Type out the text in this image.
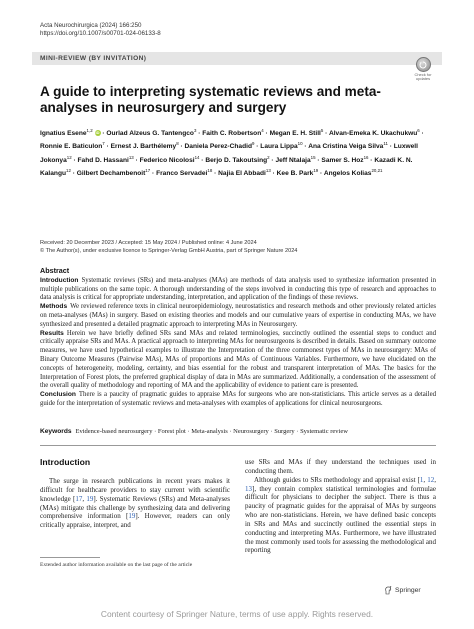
Acta Neurochirurgica (2024) 166:250
https://doi.org/10.1007/s00701-024-06133-8
MINI-REVIEW (BY INVITATION)
Check for updates
A guide to interpreting systematic reviews and meta-analyses in neurosurgery and surgery
Ignatius Esene$^{1,2}$ iD · Ourlad Alzeus G. Tantengco$^3$ · Faith C. Robertson$^4$ · Megan E. H. Still$^5$ · Alvan-Emeka K. Ukachukwu$^6$ · Ronnie E. Baticulon$^7$ · Ernest J. Barthélemy$^8$ · Daniela Perez-Chadid$^9$ · Laura Lippa$^{10}$ · Ana Cristina Veiga Silva$^{11}$ · Luxwell Jokonya$^{12}$ · Fahd D. Hassani$^{13}$ · Federico Nicolosi$^{14}$ · Berjo D. Takoutsing$^2$ · Jeff Ntalaja$^{15}$ · Samer S. Hoz$^{16}$ · Kazadi K. N. Kalangu$^{12}$ · Gilbert Dechambenoit$^{17}$ · Franco Servadei$^{18}$ · Najia El Abbadi$^{13}$ · Kee B. Park$^{19}$ · Angelos Kolias$^{20,21}$
Received: 20 December 2023 / Accepted: 15 May 2024 / Published online: 4 June 2024
© The Author(s), under exclusive licence to Springer-Verlag GmbH Austria, part of Springer Nature 2024
Abstract

Introduction Systematic reviews (SRs) and meta-analyses (MAs) are methods of data analysis used to synthesize information presented in multiple publications on the same topic. A thorough understanding of the steps involved in conducting this type of research and approaches to data analysis is critical for appropriate understanding, interpretation, and application of the findings of these reviews.

Methods We reviewed reference texts in clinical neuroepidemiology, neurostatistics and research methods and other previously related articles on meta-analyses (MAs) in surgery. Based on existing theories and models and our cumulative years of expertise in conducting MAs, we have synthesized and presented a detailed pragmatic approach to interpreting MAs in Neurosurgery.

Results Herein we have briefly defined SRs sand MAs and related terminologies, succinctly outlined the essential steps to conduct and critically appraise SRs and MAs. A practical approach to interpreting MAs for neurosurgeons is described in details. Based on summary outcome measures, we have used hypothetical examples to illustrate the Interpretation of the three commonest types of MAs in neurosurgery: MAs of Binary Outcome Measures (Pairwise MAs), MAs of proportions and MAs of Continuous Variables. Furthermore, we have elucidated on the concepts of heterogeneity, modeling, certainty, and bias essential for the robust and transparent interpretation of MAs. The basics for the Interpretation of Forest plots, the preferred graphical display of data in MAs are summarized. Additionally, a condensation of the assessment of the overall quality of methodology and reporting of MA and the applicability of evidence to patient care is presented.

Conclusion There is a paucity of pragmatic guides to appraise MAs for surgeons who are non-statisticians. This article serves as a detailed guide for the interpretation of systematic reviews and meta-analyses with examples of applications for clinical neurosurgeons.

Keywords Evidence-based neurosurgery · Forest plot · Meta-analysis · Neurosurgery · Surgery · Systematic review
Introduction

The surge in research publications in recent years makes it difficult for healthcare providers to stay current with scientific knowledge [17, 19]. Systematic Reviews (SRs) and Meta-analyses (MAs) mitigate this challenge by synthesizing data and delivering comprehensive information [19]. However, readers can only critically appraise, interpret, and

use SRs and MAs if they understand the techniques used in conducting them.

Although guides to SRs methodology and appraisal exist [1, 12, 13], they contain complex statistical terminologies and formulae difficult for physicians to decipher the subject. There is thus a paucity of pragmatic guides for the appraisal of MAs by surgeons who are non-statisticians. Herein, we have defined basic concepts in SRs and MAs and succinctly outlined the essential steps in conducting and interpreting MAs. Furthermore, we have illustrated the most commonly used tools for assessing the methodological and reporting

Extended author information available on the last page of the article
Springer
Content courtesy of Springer Nature, terms of use apply. Rights reserved.
